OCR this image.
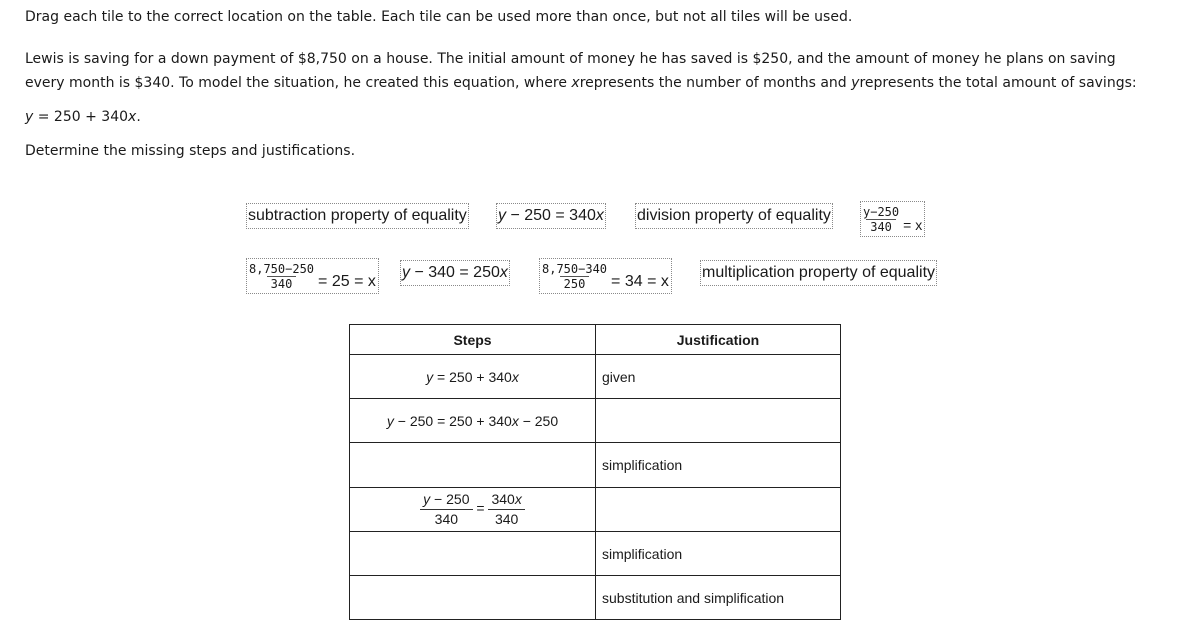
Drag each tile to the correct location on the table. Each tile can be used more than once, but not all tiles will be used.
Lewis is saving for a down payment of $8,750 on a house. The initial amount of money he has saved is $250, and the amount of money he plans on saving every month is $340. To model the situation, he created this equation, where xrepresents the number of months and yrepresents the total amount of savings:
y = 250 + 340x.
Determine the missing steps and justifications.
subtraction property of equality y − 250 = 340x division property of equality	$\frac{y-250}{340} = x$
$\frac{8,750-250}{340} = 25 = x$
y − 340 = 250x	$\frac{8,750-340}{250} = 34 = x$
multiplication property of equality
Steps	Justification
y = 250 + 340x	given
y − 250 = 250 + 340x − 250	
	simplification

$\frac{y - 250}{340} = \frac{340x}{340}$

	simplification
	substitution and simplification
